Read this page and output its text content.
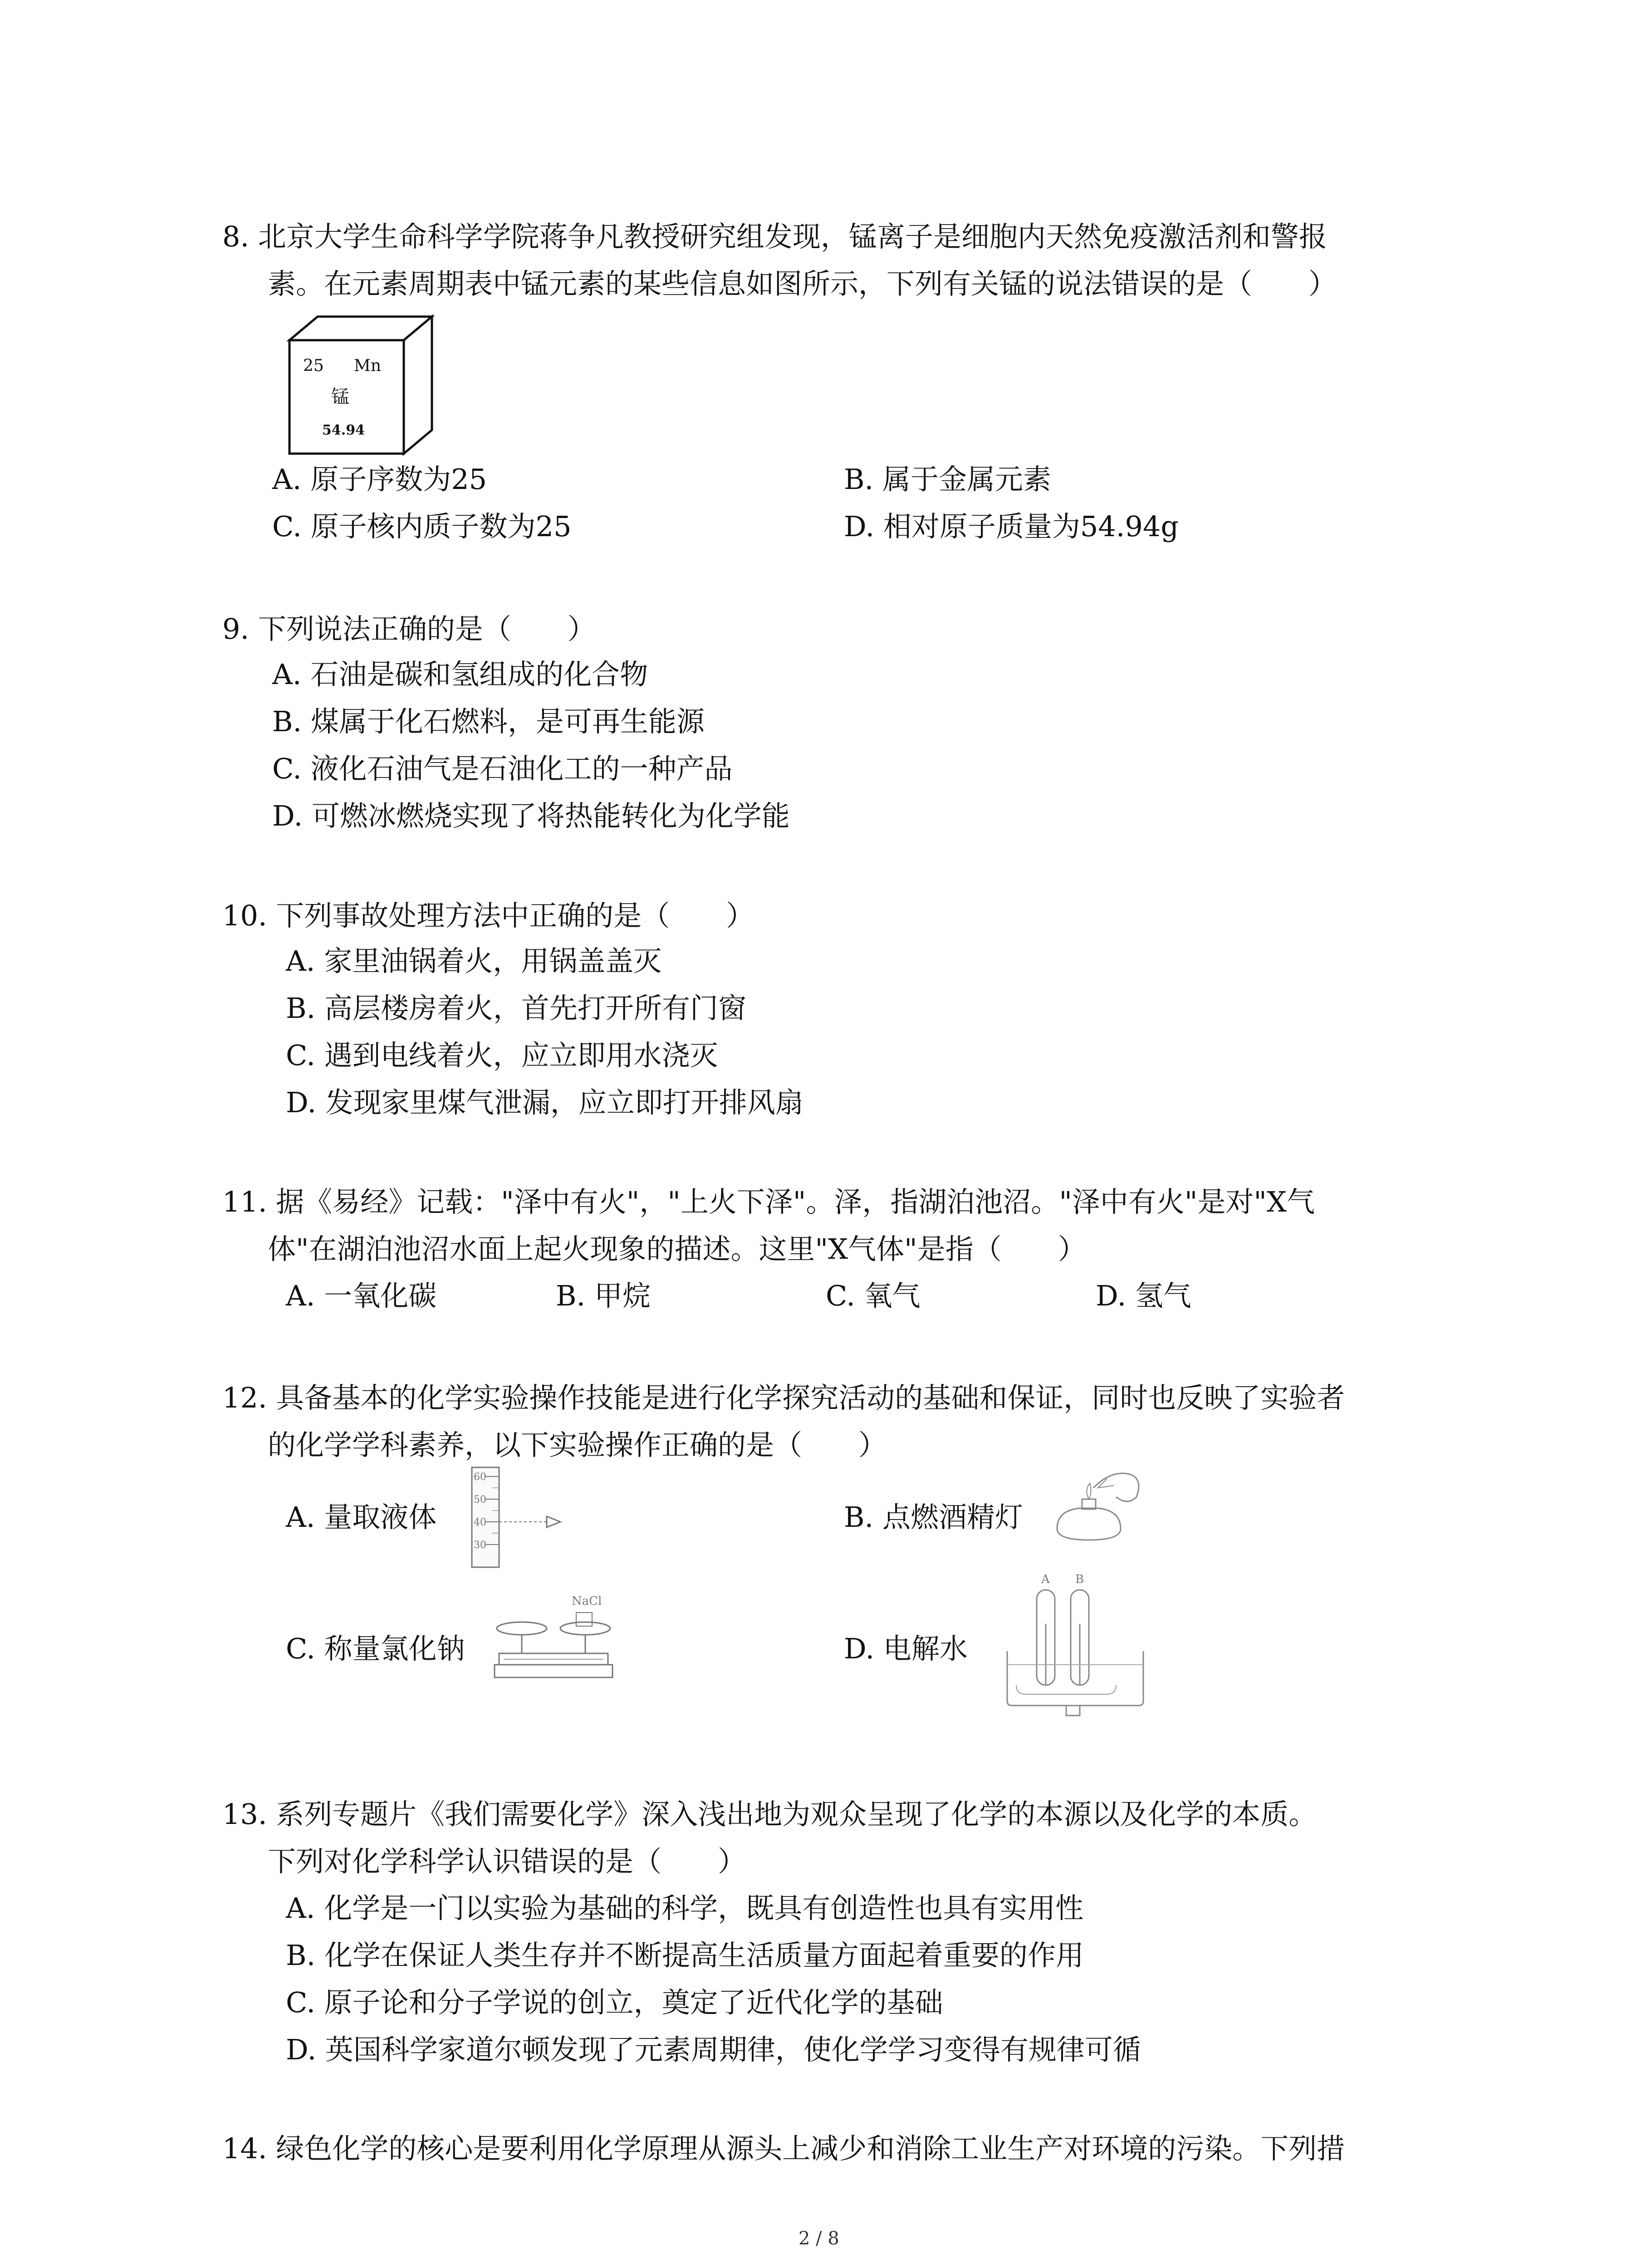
8. 北京大学生命科学学院蒋争凡教授研究组发现，锰离子是细胞内天然免疫激活剂和警报
素。在元素周期表中锰元素的某些信息如图所示，下列有关锰的说法错误的是（　　）
25 Mn
锰
54.94
A. 原子序数为25	B. 属于金属元素
C. 原子核内质子数为25	D. 相对原子质量为54.94g
9. 下列说法正确的是（　　）
A. 石油是碳和氢组成的化合物
B. 煤属于化石燃料，是可再生能源
C. 液化石油气是石油化工的一种产品
D. 可燃冰燃烧实现了将热能转化为化学能
10. 下列事故处理方法中正确的是（　　）
A. 家里油锅着火，用锅盖盖灭
B. 高层楼房着火，首先打开所有门窗
C. 遇到电线着火，应立即用水浇灭
D. 发现家里煤气泄漏，应立即打开排风扇
11. 据《易经》记载："泽中有火"，"上火下泽"。泽，指湖泊池沼。"泽中有火"是对"X气
体"在湖泊池沼水面上起火现象的描述。这里"X气体"是指（　　）
A. 一氧化碳	B. 甲烷	C. 氧气	D. 氢气
12. 具备基本的化学实验操作技能是进行化学探究活动的基础和保证，同时也反映了实验者
的化学学科素养，以下实验操作正确的是（　　）
A. 量取液体
60
50
40
30
B. 点燃酒精灯
C. 称量氯化钠
NaCl
D. 电解水
A B
13. 系列专题片《我们需要化学》深入浅出地为观众呈现了化学的本源以及化学的本质。
下列对化学科学认识错误的是（　　）
A. 化学是一门以实验为基础的科学，既具有创造性也具有实用性
B. 化学在保证人类生存并不断提高生活质量方面起着重要的作用
C. 原子论和分子学说的创立，奠定了近代化学的基础
D. 英国科学家道尔顿发现了元素周期律，使化学学习变得有规律可循
14. 绿色化学的核心是要利用化学原理从源头上减少和消除工业生产对环境的污染。下列措
2 / 8
